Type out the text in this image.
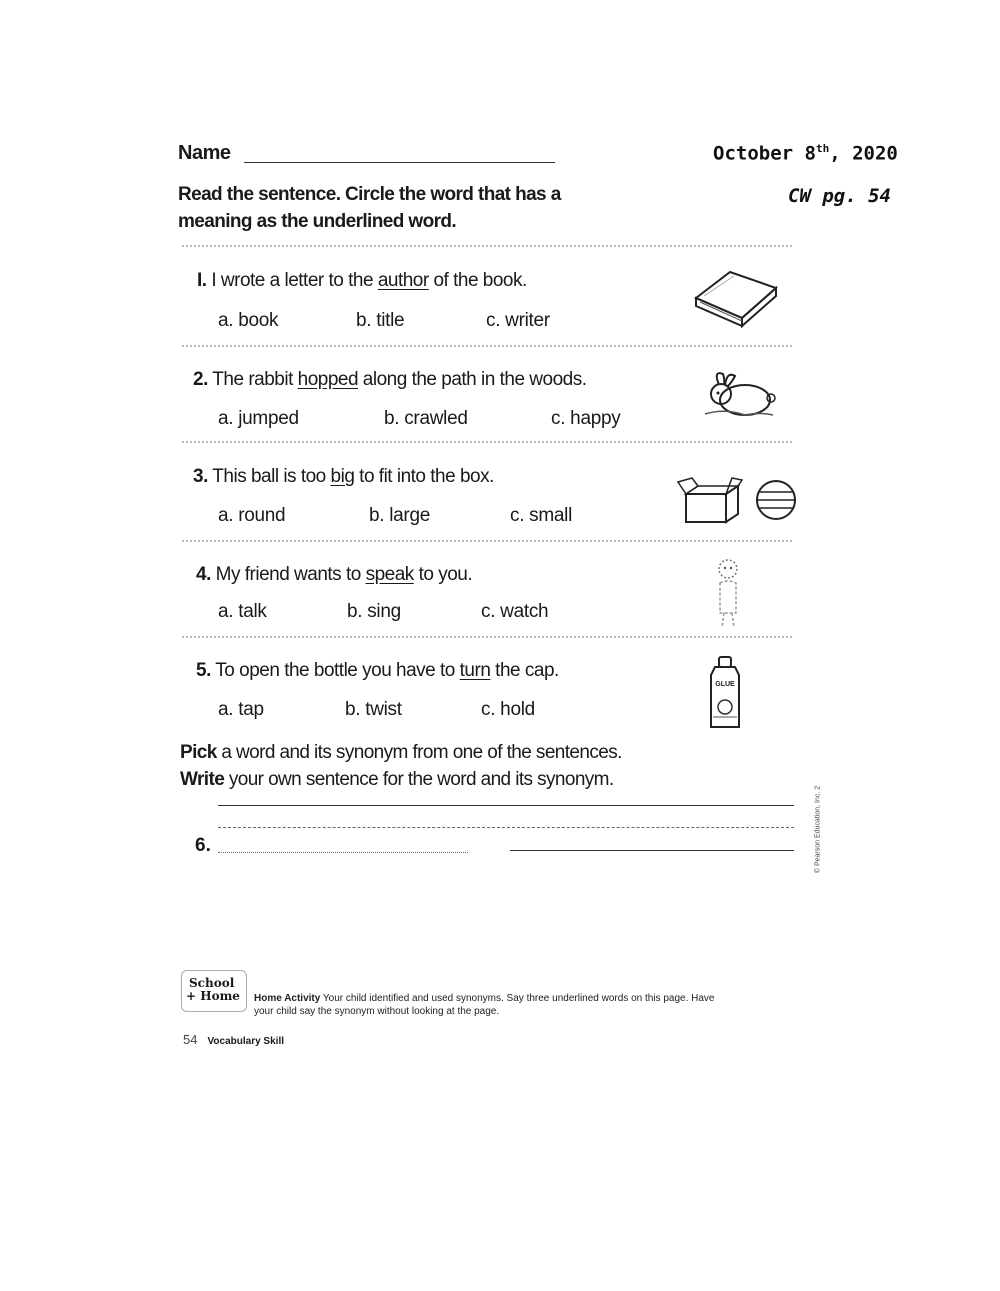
Name	October 8th, 2020
CW pg. 54
Read the sentence. Circle the word that has a
meaning as the underlined word.
I. I wrote a letter to the author of the book.
a. book	b. title	c. writer
2. The rabbit hopped along the path in the woods.
a. jumped	b. crawled	c. happy
3. This ball is too big to fit into the box.
a. round	b. large	c. small
4. My friend wants to speak to you.
a. talk	b. sing	c. watch
5. To open the bottle you have to turn the cap.
a. tap	b. twist	c. hold
GLUE
Pick a word and its synonym from one of the sentences.
Write your own sentence for the word and its synonym.
6.	© Pearson Education, Inc. 2
School
+ Home	Home Activity Your child identified and used synonyms. Say three underlined words on this page. Have
your child say the synonym without looking at the page.
54 Vocabulary Skill
